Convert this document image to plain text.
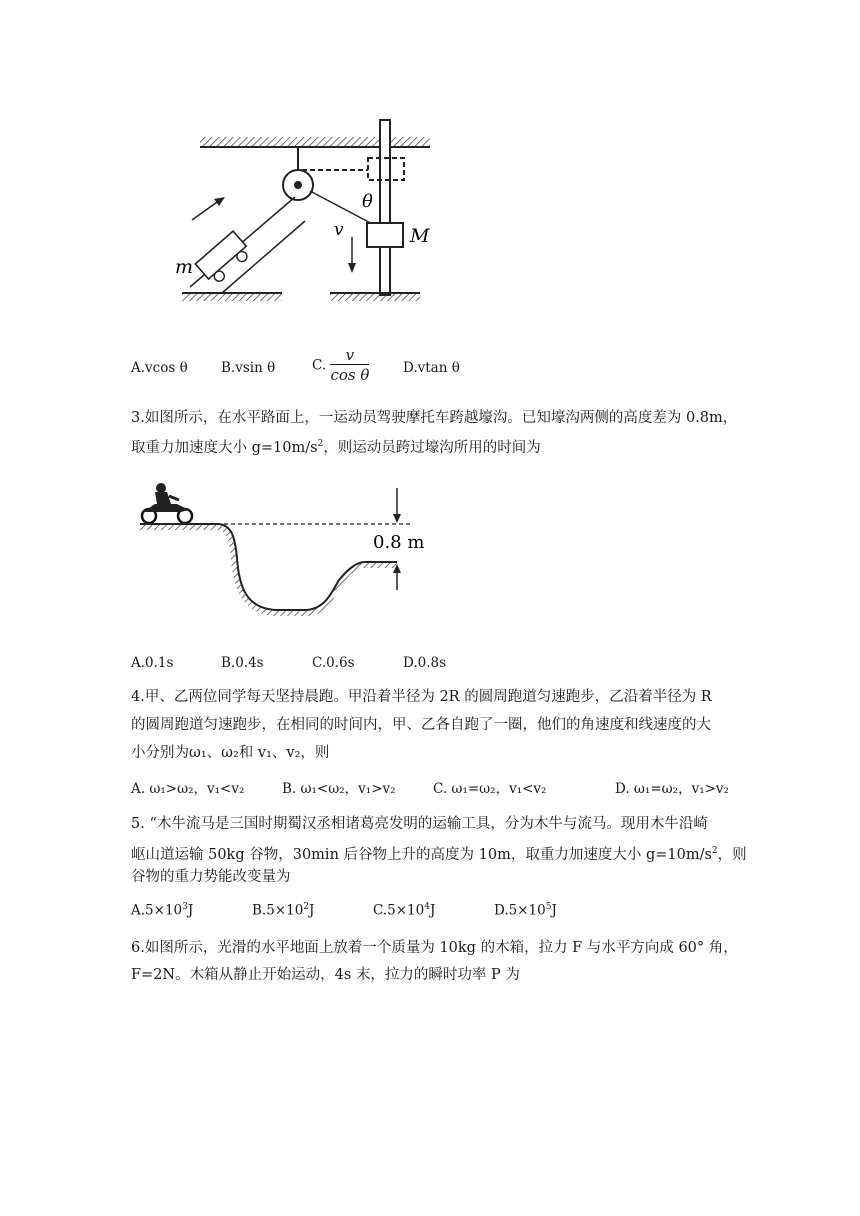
M
θ
v
m
A.vcos θ B.vsin θ	C. $\frac{v}{\text{cos θ}} D.vtan$ θ
3.如图所示，在水平路面上，一运动员驾驶摩托车跨越壕沟。已知壕沟两侧的高度差为 0.8m，
取重力加速度大小 $g=10m/s^2$，则运动员跨过壕沟所用的时间为
0.8 m
A.0.1s	B.0.4s	C.0.6s	D.0.8s
4.甲、乙两位同学每天坚持晨跑。甲沿着半径为 2R 的圆周跑道匀速跑步，乙沿着半径为 R
的圆周跑道匀速跑步，在相同的时间内，甲、乙各自跑了一圈，他们的角速度和线速度的大
小分别为ω₁、ω₂和 v₁、v₂，则
A. ω₁>ω₂，v₁<v₂	B. ω₁<ω₂，v₁>v₂	C. ω₁=ω₂，v₁<v₂	D. ω₁=ω₂，v₁>v₂
5. “木牛流马是三国时期蜀汉丞相诸葛亮发明的运输工具，分为木牛与流马。现用木牛沿崎
岖山道运输 50kg 谷物，30min 后谷物上升的高度为 10m，取重力加速度大小 $g=10m/s^2$，则
谷物的重力势能改变量为
$A.5\times 10^3J$	$B.5\times 10^2J$	$C.5\times 10^4J$	$D.5\times 10^5J$
6.如图所示，光滑的水平地面上放着一个质量为 10kg 的木箱，拉力 F 与水平方向成 60° 角，
F=2N。木箱从静止开始运动，4s 末，拉力的瞬时功率 P 为
